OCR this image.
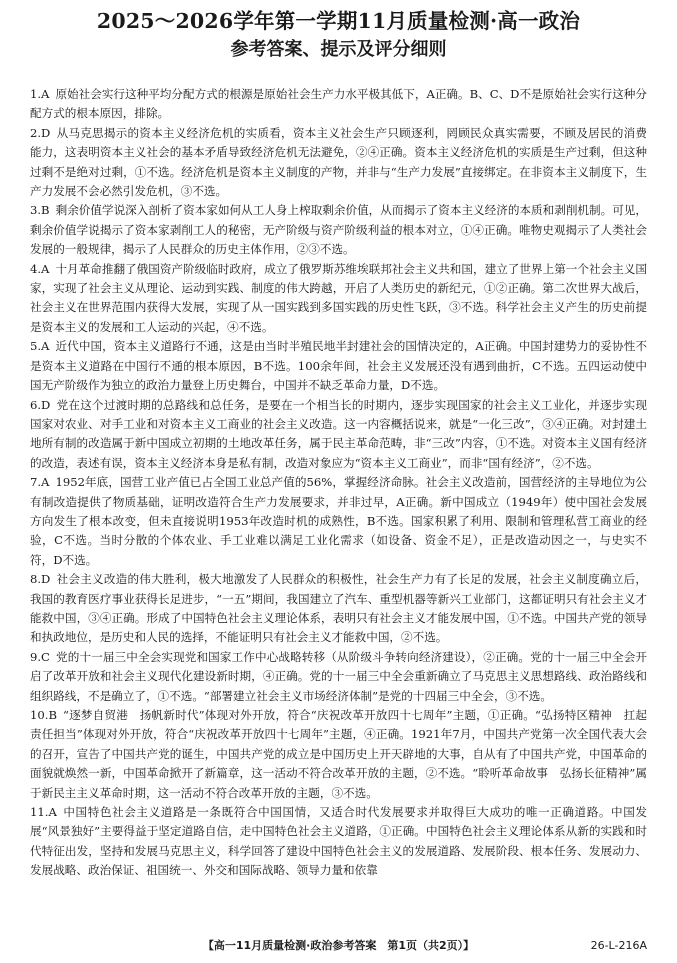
2025～2026学年第一学期11月质量检测·高一政治
参考答案、提示及评分细则
1.A 原始社会实行这种平均分配方式的根源是原始社会生产力水平极其低下，A正确。B、C、D不是原始社会实行这种分配方式的根本原因，排除。
2.D 从马克思揭示的资本主义经济危机的实质看，资本主义社会生产只顾逐利，罔顾民众真实需要，不顾及居民的消费能力，这表明资本主义社会的基本矛盾导致经济危机无法避免，②④正确。资本主义经济危机的实质是生产过剩，但这种过剩不是绝对过剩，①不选。经济危机是资本主义制度的产物，并非与“生产力发展”直接绑定。在非资本主义制度下，生产力发展不会必然引发危机，③不选。
3.B 剩余价值学说深入剖析了资本家如何从工人身上榨取剩余价值，从而揭示了资本主义经济的本质和剥削机制。可见，剩余价值学说揭示了资本家剥削工人的秘密，无产阶级与资产阶级利益的根本对立，①④正确。唯物史观揭示了人类社会发展的一般规律，揭示了人民群众的历史主体作用，②③不选。
4.A 十月革命推翻了俄国资产阶级临时政府，成立了俄罗斯苏维埃联邦社会主义共和国，建立了世界上第一个社会主义国家，实现了社会主义从理论、运动到实践、制度的伟大跨越，开启了人类历史的新纪元，①②正确。第二次世界大战后，社会主义在世界范围内获得大发展，实现了从一国实践到多国实践的历史性飞跃，③不选。科学社会主义产生的历史前提是资本主义的发展和工人运动的兴起，④不选。
5.A 近代中国，资本主义道路行不通，这是由当时半殖民地半封建社会的国情决定的，A正确。中国封建势力的妥协性不是资本主义道路在中国行不通的根本原因，B不选。100余年间，社会主义发展还没有遇到曲折，C不选。五四运动使中国无产阶级作为独立的政治力量登上历史舞台，中国并不缺乏革命力量，D不选。
6.D 党在这个过渡时期的总路线和总任务，是要在一个相当长的时期内，逐步实现国家的社会主义工业化，并逐步实现国家对农业、对手工业和对资本主义工商业的社会主义改造。这一内容概括说来，就是“一化三改”，③④正确。对封建土地所有制的改造属于新中国成立初期的土地改革任务，属于民主革命范畴，非“三改”内容，①不选。对资本主义国有经济的改造，表述有误，资本主义经济本身是私有制，改造对象应为“资本主义工商业”，而非“国有经济”，②不选。
7.A 1952年底，国营工业产值已占全国工业总产值的56%，掌握经济命脉。社会主义改造前，国营经济的主导地位为公有制改造提供了物质基础，证明改造符合生产力发展要求，并非过早，A正确。新中国成立（1949年）使中国社会发展方向发生了根本改变，但未直接说明1953年改造时机的成熟性，B不选。国家积累了利用、限制和管理私营工商业的经验，C不选。当时分散的个体农业、手工业难以满足工业化需求（如设备、资金不足），正是改造动因之一，与史实不符，D不选。
8.D 社会主义改造的伟大胜利，极大地激发了人民群众的积极性，社会生产力有了长足的发展，社会主义制度确立后，我国的教育医疗事业获得长足进步，“一五”期间，我国建立了汽车、重型机器等新兴工业部门，这都证明只有社会主义才能救中国，③④正确。形成了中国特色社会主义理论体系，表明只有社会主义才能发展中国，①不选。中国共产党的领导和执政地位，是历史和人民的选择，不能证明只有社会主义才能救中国，②不选。
9.C 党的十一届三中全会实现党和国家工作中心战略转移（从阶级斗争转向经济建设），②正确。党的十一届三中全会开启了改革开放和社会主义现代化建设新时期，④正确。党的十一届三中全会重新确立了马克思主义思想路线、政治路线和组织路线，不是确立了，①不选。“部署建立社会主义市场经济体制”是党的十四届三中全会，③不选。
10.B “逐梦自贸港　扬帆新时代”体现对外开放，符合“庆祝改革开放四十七周年”主题，①正确。“弘扬特区精神　扛起责任担当”体现对外开放，符合“庆祝改革开放四十七周年”主题，④正确。1921年7月，中国共产党第一次全国代表大会的召开，宣告了中国共产党的诞生，中国共产党的成立是中国历史上开天辟地的大事，自从有了中国共产党，中国革命的面貌就焕然一新，中国革命掀开了新篇章，这一活动不符合改革开放的主题，②不选。“聆听革命故事　弘扬长征精神”属于新民主主义革命时期，这一活动不符合改革开放的主题，③不选。
11.A 中国特色社会主义道路是一条既符合中国国情，又适合时代发展要求并取得巨大成功的唯一正确道路。中国发展“风景独好”主要得益于坚定道路自信，走中国特色社会主义道路，①正确。中国特色社会主义理论体系从新的实践和时代特征出发，坚持和发展马克思主义，科学回答了建设中国特色社会主义的发展道路、发展阶段、根本任务、发展动力、发展战略、政治保证、祖国统一、外交和国际战略、领导力量和依靠
【高一11月质量检测·政治参考答案　第1页（共2页）】	26-L-216A
